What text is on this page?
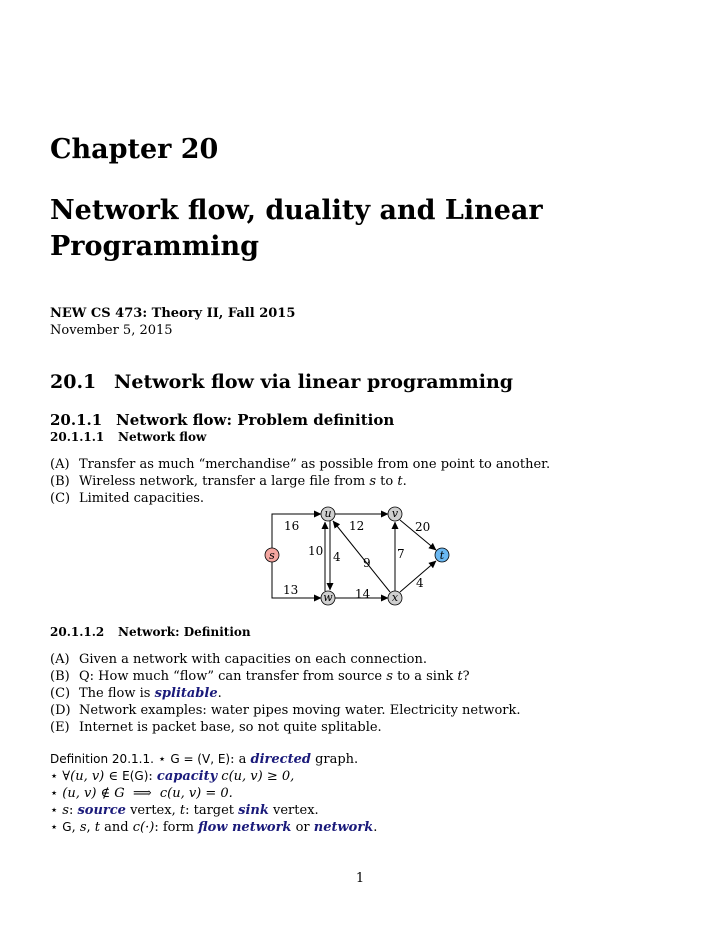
Chapter 20
Network flow, duality and Linear Programming
NEW CS 473: Theory II, Fall 2015
November 5, 2015
20.1 Network flow via linear programming
20.1.1 Network flow: Problem definition
20.1.1.1 Network flow
(A) Transfer as much “merchandise” as possible from one point to another.
(B) Wireless network, transfer a large file from s to t.
(C) Limited capacities.
16	12	20
10 4 9
7
4
13	14
s
u	v
t
w	x
20.1.1.2 Network: Definition
(A) Given a network with capacities on each connection.
(B) Q: How much “flow” can transfer from source s to a sink t?
(C) The flow is splitable.
(D) Network examples: water pipes moving water. Electricity network.
(E) Internet is packet base, so not quite splitable.
Definition 20.1.1. ⋆ G = (V, E): a directed graph.
⋆ ∀(u, v) ∈ E(G): capacity c(u, v) ≥ 0,
⋆ (u, v) ∉ G  ⟹  c(u, v) = 0.
⋆ s: source vertex, t: target sink vertex.
⋆ G, s, t and c(·): form flow network or network.
1
